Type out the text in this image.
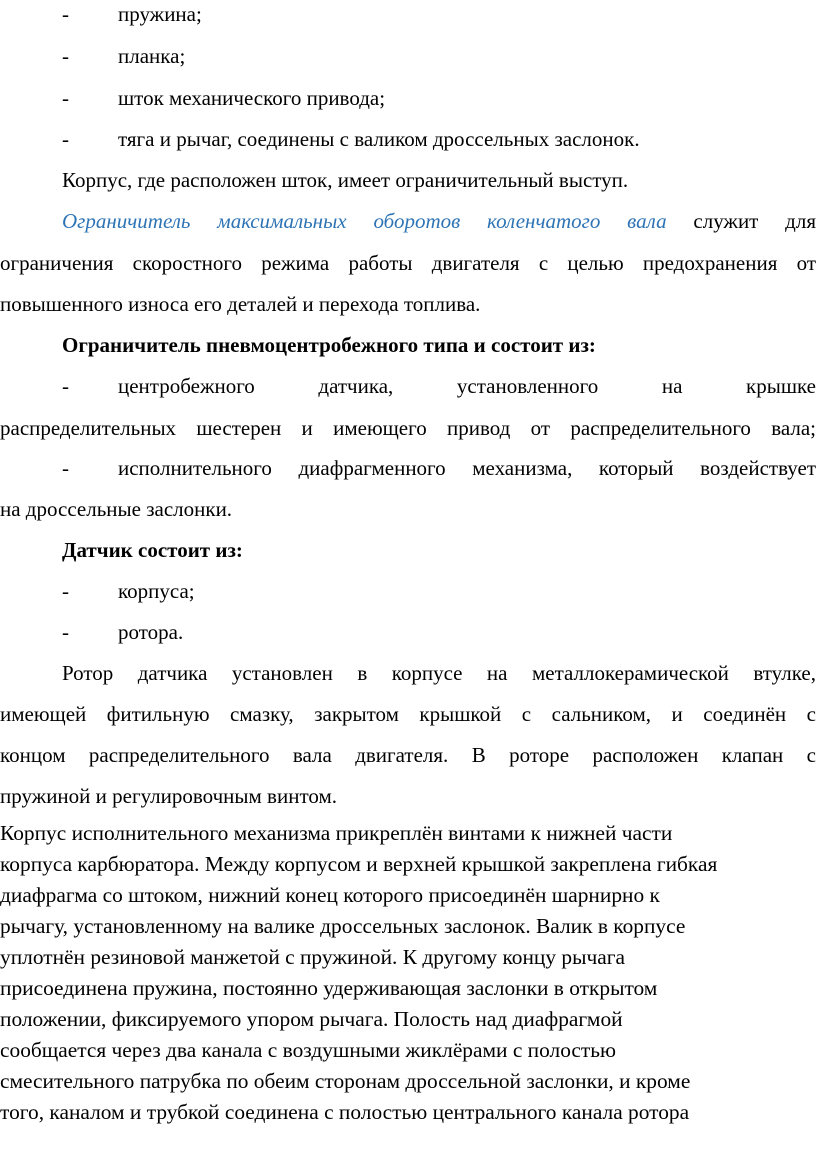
- пружина;
- планка;
- шток механического привода;
- тяга и рычаг, соединены с валиком дроссельных заслонок.
Корпус, где расположен шток, имеет ограничительный выступ.
Ограничитель максимальных оборотов коленчатого вала служит для
ограничения скоростного режима работы двигателя с целью предохранения от
повышенного износа его деталей и перехода топлива.
Ограничитель пневмоцентробежного типа и состоит из:
- центробежного датчика, установленного на крышке
распределительных шестерен и имеющего привод от распределительного вала;
- исполнительного диафрагменного механизма, который воздействует
на дроссельные заслонки.
Датчик состоит из:
- корпуса;
- ротора.
Ротор датчика установлен в корпусе на металлокерамической втулке,
имеющей фитильную смазку, закрытом крышкой с сальником, и соединён с
концом распределительного вала двигателя. В роторе расположен клапан с
пружиной и регулировочным винтом.
Корпус исполнительного механизма прикреплён винтами к нижней части
корпуса карбюратора. Между корпусом и верхней крышкой закреплена гибкая
диафрагма со штоком, нижний конец которого присоединён шарнирно к
рычагу, установленному на валике дроссельных заслонок. Валик в корпусе
уплотнён резиновой манжетой с пружиной. К другому концу рычага
присоединена пружина, постоянно удерживающая заслонки в открытом
положении, фиксируемого упором рычага. Полость над диафрагмой
сообщается через два канала с воздушными жиклёрами с полостью
смесительного патрубка по обеим сторонам дроссельной заслонки, и кроме
того, каналом и трубкой соединена с полостью центрального канала ротора
